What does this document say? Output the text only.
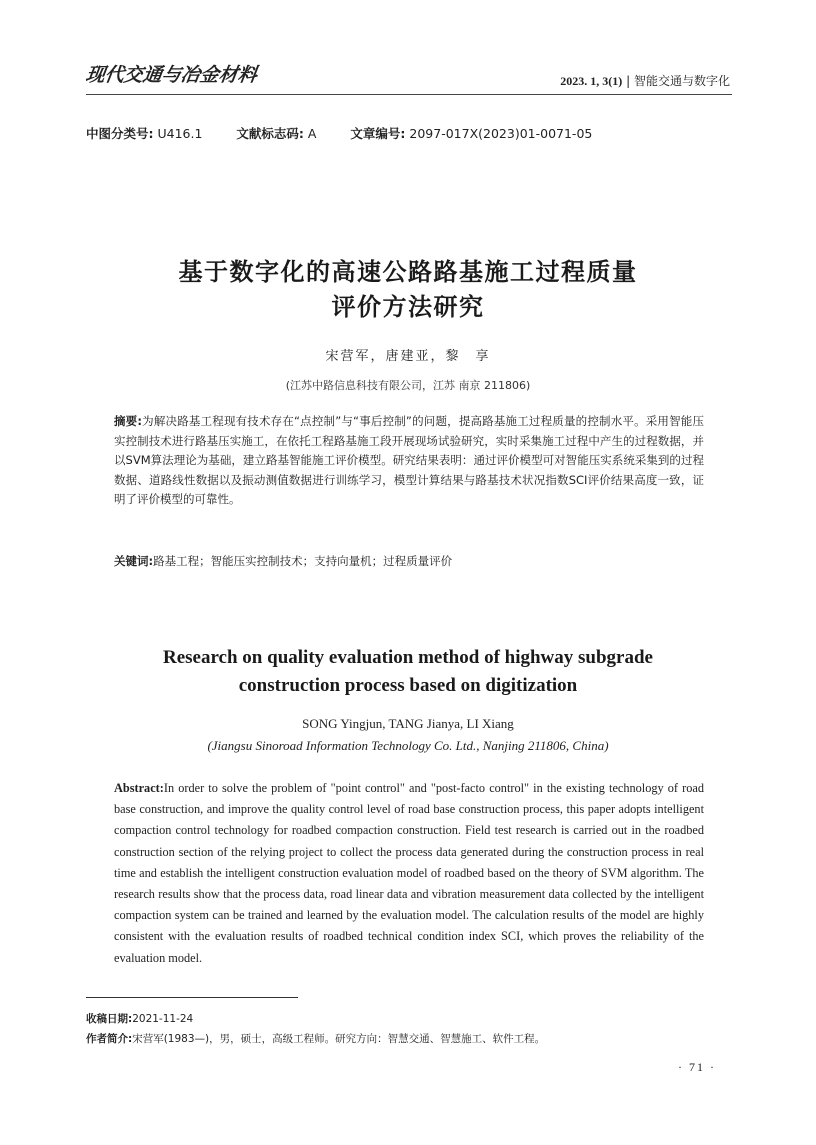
现代交通与冶金材料	2023. 1, 3(1) | 智能交通与数字化
中图分类号: U416.1	文献标志码: A	文章编号: 2097-017X(2023)01-0071-05
基于数字化的高速公路路基施工过程质量
评价方法研究
宋营军，唐建亚，黎　享
(江苏中路信息科技有限公司，江苏 南京 211806)
摘要:为解决路基工程现有技术存在“点控制”与“事后控制”的问题，提高路基施工过程质量的控制水平。采用智能压实控制技术进行路基压实施工，在依托工程路基施工段开展现场试验研究，实时采集施工过程中产生的过程数据，并以SVM算法理论为基础，建立路基智能施工评价模型。研究结果表明：通过评价模型可对智能压实系统采集到的过程数据、道路线性数据以及振动测值数据进行训练学习，模型计算结果与路基技术状况指数SCI评价结果高度一致，证明了评价模型的可靠性。
关键词:路基工程；智能压实控制技术；支持向量机；过程质量评价
Research on quality evaluation method of highway subgrade
construction process based on digitization
SONG Yingjun, TANG Jianya, LI Xiang
(Jiangsu Sinoroad Information Technology Co. Ltd., Nanjing 211806, China)
Abstract:In order to solve the problem of "point control" and "post-facto control" in the existing technology of road base construction, and improve the quality control level of road base construction process, this paper adopts intelligent compaction control technology for roadbed compaction construction. Field test research is carried out in the roadbed construction section of the relying project to collect the process data generated during the construction process in real time and establish the intelligent construction evaluation model of roadbed based on the theory of SVM algorithm. The research results show that the process data, road linear data and vibration measurement data collected by the intelligent compaction system can be trained and learned by the evaluation model. The calculation results of the model are highly consistent with the evaluation results of roadbed technical condition index SCI, which proves the reliability of the evaluation model.
收稿日期:2021-11-24
作者简介:宋营军(1983—)，男，硕士，高级工程师。研究方向：智慧交通、智慧施工、软件工程。
· 71 ·
